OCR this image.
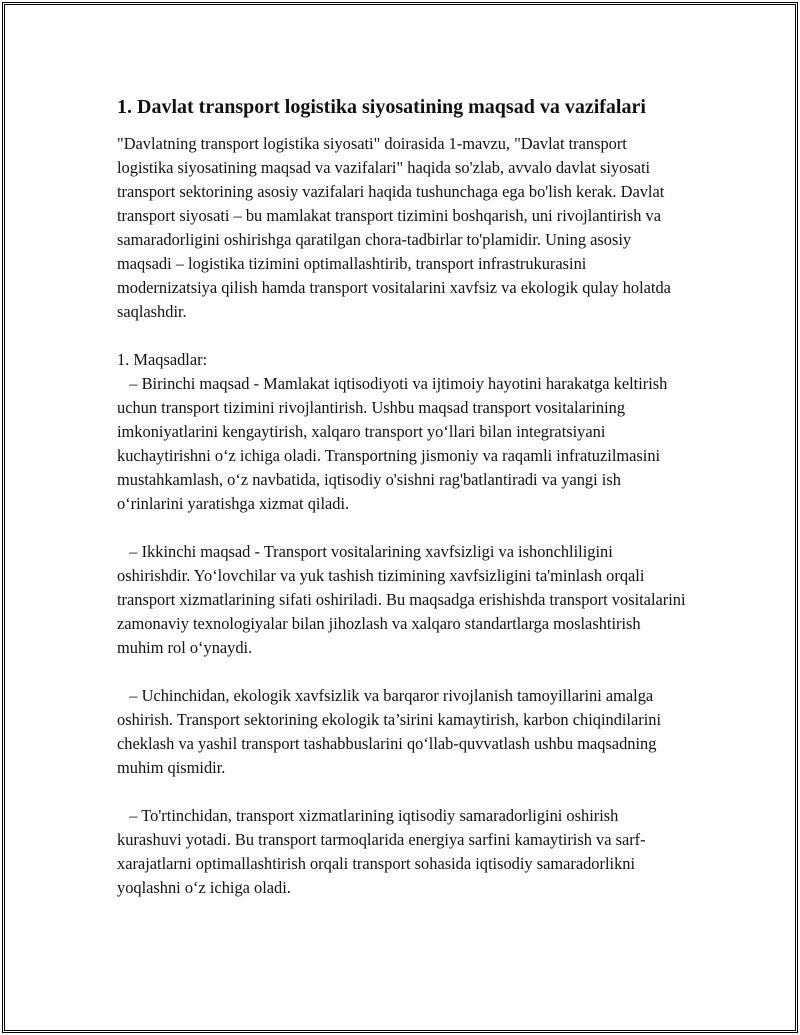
1. Davlat transport logistika siyosatining maqsad va vazifalari

"Davlatning transport logistika siyosati" doirasida 1-mavzu, "Davlat transport logistika siyosatining maqsad va vazifalari" haqida so'zlab, avvalo davlat siyosati transport sektorining asosiy vazifalari haqida tushunchaga ega bo'lish kerak. Davlat transport siyosati – bu mamlakat transport tizimini boshqarish, uni rivojlantirish va samaradorligini oshirishga qaratilgan chora-tadbirlar to'plamidir. Uning asosiy maqsadi – logistika tizimini optimallashtirib, transport infrastrukurasini modernizatsiya qilish hamda transport vositalarini xavfsiz va ekologik qulay holatda saqlashdir.

1. Maqsadlar:

– Birinchi maqsad - Mamlakat iqtisodiyoti va ijtimoiy hayotini harakatga keltirish uchun transport tizimini rivojlantirish. Ushbu maqsad transport vositalarining imkoniyatlarini kengaytirish, xalqaro transport yo‘llari bilan integratsiyani kuchaytirishni o‘z ichiga oladi. Transportning jismoniy va raqamli infratuzilmasini mustahkamlash, o‘z navbatida, iqtisodiy o'sishni rag'batlantiradi va yangi ish o‘rinlarini yaratishga xizmat qiladi.

– Ikkinchi maqsad - Transport vositalarining xavfsizligi va ishonchliligini oshirishdir. Yo‘lovchilar va yuk tashish tizimining xavfsizligini ta'minlash orqali transport xizmatlarining sifati oshiriladi. Bu maqsadga erishishda transport vositalarini zamonaviy texnologiyalar bilan jihozlash va xalqaro standartlarga moslashtirish muhim rol o‘ynaydi.

– Uchinchidan, ekologik xavfsizlik va barqaror rivojlanish tamoyillarini amalga oshirish. Transport sektorining ekologik ta’sirini kamaytirish, karbon chiqindilarini cheklash va yashil transport tashabbuslarini qo‘llab-quvvatlash ushbu maqsadning muhim qismidir.

– To'rtinchidan, transport xizmatlarining iqtisodiy samaradorligini oshirish kurashuvi yotadi. Bu transport tarmoqlarida energiya sarfini kamaytirish va sarf-xarajatlarni optimallashtirish orqali transport sohasida iqtisodiy samaradorlikni yoqlashni o‘z ichiga oladi.
